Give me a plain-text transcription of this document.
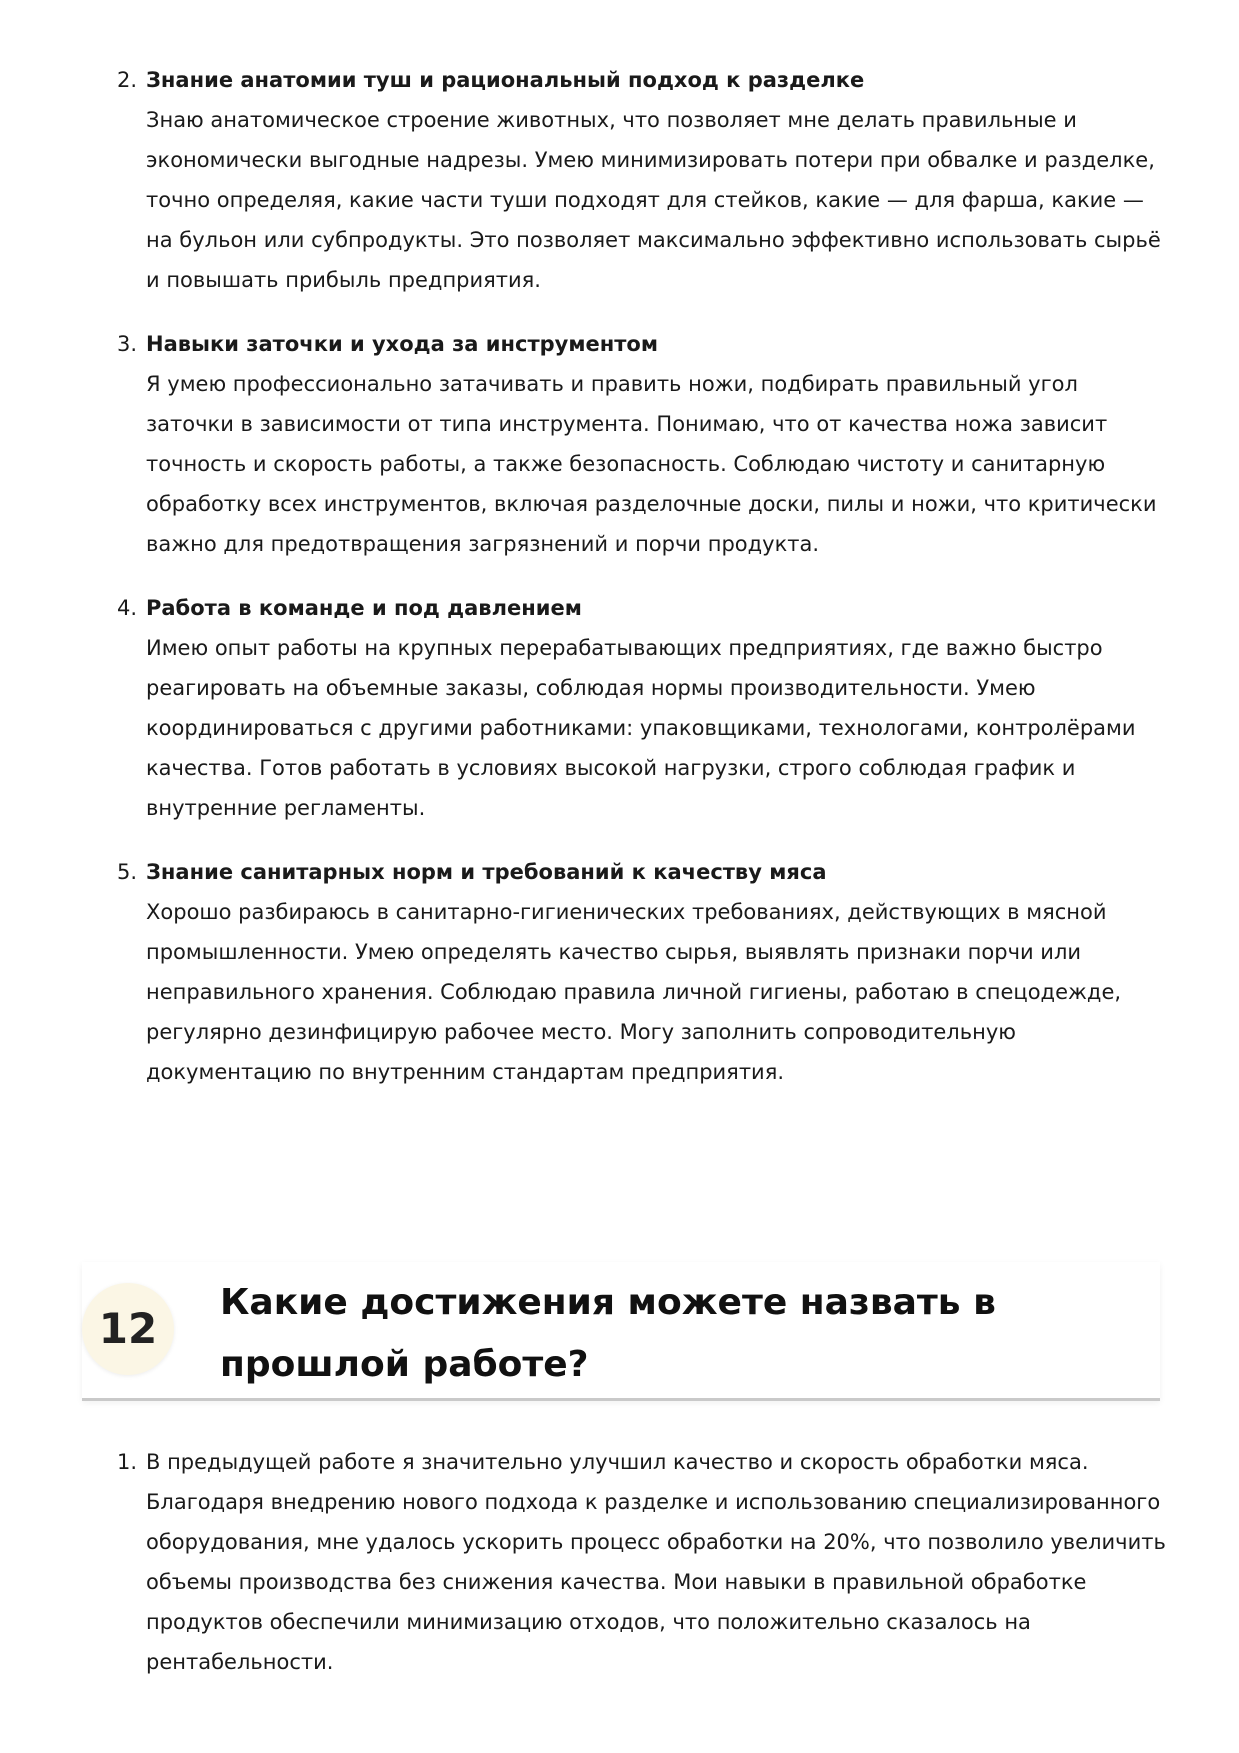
2. Знание анатомии туш и рациональный подход к разделке
Знаю анатомическое строение животных, что позволяет мне делать правильные и экономически выгодные надрезы. Умею минимизировать потери при обвалке и разделке, точно определяя, какие части туши подходят для стейков, какие — для фарша, какие — на бульон или субпродукты. Это позволяет максимально эффективно использовать сырьё и повышать прибыль предприятия.
3. Навыки заточки и ухода за инструментом
Я умею профессионально затачивать и править ножи, подбирать правильный угол заточки в зависимости от типа инструмента. Понимаю, что от качества ножа зависит точность и скорость работы, а также безопасность. Соблюдаю чистоту и санитарную обработку всех инструментов, включая разделочные доски, пилы и ножи, что критически важно для предотвращения загрязнений и порчи продукта.
4. Работа в команде и под давлением
Имею опыт работы на крупных перерабатывающих предприятиях, где важно быстро реагировать на объемные заказы, соблюдая нормы производительности. Умею координироваться с другими работниками: упаковщиками, технологами, контролёрами качества. Готов работать в условиях высокой нагрузки, строго соблюдая график и внутренние регламенты.
5. Знание санитарных норм и требований к качеству мяса
Хорошо разбираюсь в санитарно-гигиенических требованиях, действующих в мясной промышленности. Умею определять качество сырья, выявлять признаки порчи или неправильного хранения. Соблюдаю правила личной гигиены, работаю в спецодежде, регулярно дезинфицирую рабочее место. Могу заполнить сопроводительную документацию по внутренним стандартам предприятия.
12
Какие достижения можете назвать в прошлой работе?
1. В предыдущей работе я значительно улучшил качество и скорость обработки мяса. Благодаря внедрению нового подхода к разделке и использованию специализированного оборудования, мне удалось ускорить процесс обработки на 20%, что позволило увеличить объемы производства без снижения качества. Мои навыки в правильной обработке продуктов обеспечили минимизацию отходов, что положительно сказалось на рентабельности.
